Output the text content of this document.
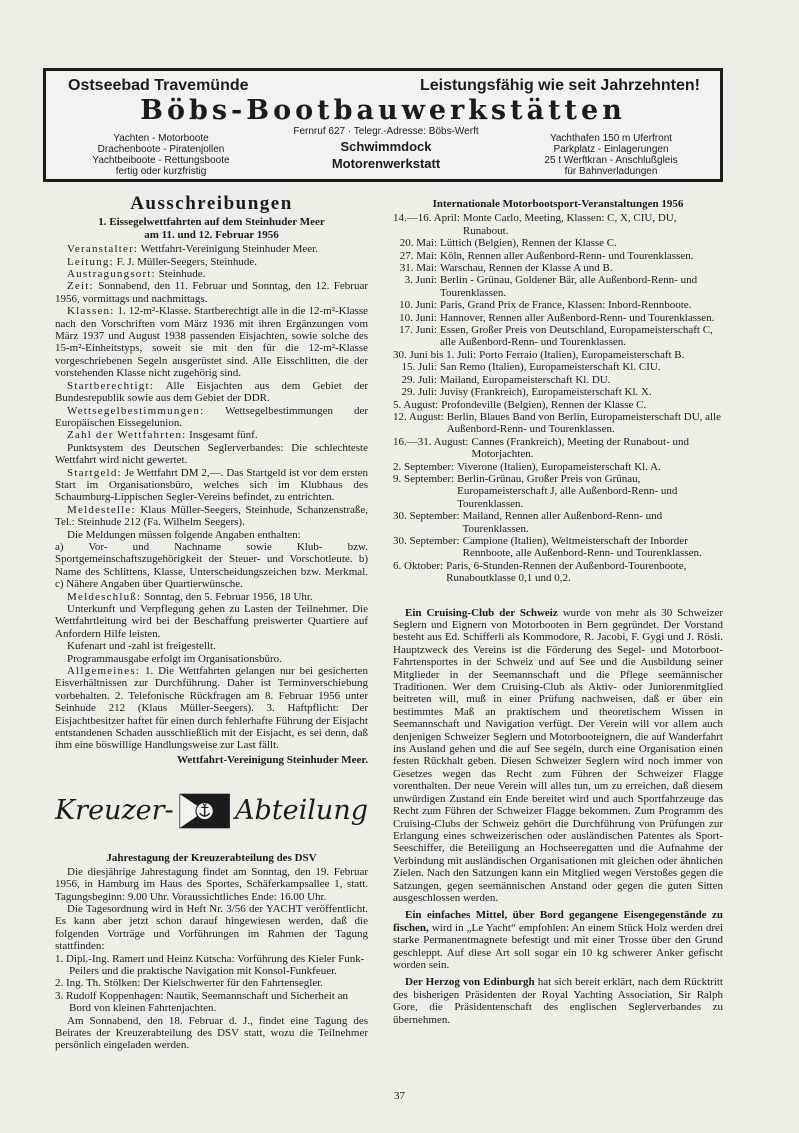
Ostseebad Travemünde	Leistungsfähig wie seit Jahrzehnten!
Böbs-Bootbauwerkstätten
Yachten - Motorboote
Drachenboote - Piratenjollen
Yachtbeiboote - Rettungsboote
fertig oder kurzfristig
Fernruf 627 · Telegr.-Adresse: Böbs-Werft
Schwimmdock
Motorenwerkstatt
Yachthafen 150 m Uferfront
Parkplatz - Einlagerungen
25 t Werftkran - Anschlußgleis
für Bahnverladungen
Ausschreibungen
1. Eissegelwettfahrten auf dem Steinhuder Meer
am 11. und 12. Februar 1956

Veranstalter: Wettfahrt-Vereinigung Steinhuder Meer.

Leitung: F. J. Müller-Seegers, Steinhude.

Austragungsort: Steinhude.

Zeit: Sonnabend, den 11. Februar und Sonntag, den 12. Februar 1956, vormittags und nachmittags.

Klassen: 1. 12-m²-Klasse. Startberechtigt alle in die 12-m²-Klasse nach den Vorschriften vom März 1936 mit ihren Ergänzungen vom März 1937 und August 1938 passenden Eisjachten, sowie solche des 15-m²-Einheitstyps, soweit sie mit den für die 12-m²-Klasse vorgeschriebenen Segeln ausgerüstet sind. Alle Eisschlitten, die der vorstehenden Klasse nicht zugehörig sind.

Startberechtigt: Alle Eisjachten aus dem Gebiet der Bundesrepublik sowie aus dem Gebiet der DDR.

Wettsegelbestimmungen: Wettsegelbestimmungen der Europäischen Eissegelunion.

Zahl der Wettfahrten: Insgesamt fünf.

Punktsystem des Deutschen Seglerverbandes: Die schlechteste Wettfahrt wird nicht gewertet.

Startgeld: Je Wettfahrt DM 2,—. Das Startgeld ist vor dem ersten Start im Organisationsbüro, welches sich im Klubhaus des Schaumburg-Lippischen Segler-Vereins befindet, zu entrichten.

Meldestelle: Klaus Müller-Seegers, Steinhude, Schanzenstraße, Tel.: Steinhude 212 (Fa. Wilhelm Seegers).

Die Meldungen müssen folgende Angaben enthalten:

a) Vor- und Nachname sowie Klub- bzw. Sportgemeinschaftszugehörigkeit der Steuer- und Vorschotleute. b) Name des Schlittens, Klasse, Unterscheidungszeichen bzw. Merkmal. c) Nähere Angaben über Quartierwünsche.

Meldeschluß: Sonntag, den 5. Februar 1956, 18 Uhr.

Unterkunft und Verpflegung gehen zu Lasten der Teilnehmer. Die Wettfahrtleitung wird bei der Beschaffung preiswerter Quartiere auf Anfordern Hilfe leisten.

Kufenart und -zahl ist freigestellt.

Programmausgabe erfolgt im Organisationsbüro.

Allgemeines: 1. Die Wettfahrten gelangen nur bei gesicherten Eisverhältnissen zur Durchführung. Daher ist Terminverschiebung vorbehalten. 2. Telefonische Rückfragen am 8. Februar 1956 unter Seinhude 212 (Klaus Müller-Seegers). 3. Haftpflicht: Der Eisjachtbesitzer haftet für einen durch fehlerhafte Führung der Eisjacht entstandenen Schaden ausschließlich mit der Eisjacht, es sei denn, daß ihm eine böswillige Handlungsweise zur Last fällt.

Wettfahrt-Vereinigung Steinhuder Meer.

Kreuzer- Abteilung
Jahrestagung der Kreuzerabteilung des DSV

Die diesjährige Jahrestagung findet am Sonntag, den 19. Februar 1956, in Hamburg im Haus des Sportes, Schäferkampsallee 1, statt. Tagungsbeginn: 9.00 Uhr. Voraussichtliches Ende: 16.00 Uhr.

Die Tagesordnung wird in Heft Nr. 3/56 der YACHT veröffentlicht. Es kann aber jetzt schon darauf hingewiesen werden, daß die folgenden Vorträge und Vorführungen im Rahmen der Tagung stattfinden:

1. Dipl.-Ing. Ramert und Heinz Kutscha: Vorführung des Kieler Funk-Peilers und die praktische Navigation mit Konsol-Funkfeuer.

2. Ing. Th. Stölken: Der Kielschwerter für den Fahrtensegler.

3. Rudolf Koppenhagen: Nautik, Seemannschaft und Sicherheit an Bord von kleinen Fahrtenjachten.

Am Sonnabend, den 18. Februar d. J., findet eine Tagung des Beirates der Kreuzerabteilung des DSV statt, wozu die Teilnehmer persönlich eingeladen werden.

Internationale Motorbootsport-Veranstaltungen 1956
14.—16. April: Monte Carlo, Meeting, Klassen: C, X, CIU, DU, Runabout.
20. Mai: Lüttich (Belgien), Rennen der Klasse C.
27. Mai: Köln, Rennen aller Außenbord-Renn- und Tourenklassen.
31. Mai: Warschau, Rennen der Klasse A und B.
3. Juni: Berlin - Grünau, Goldener Bär, alle Außenbord-Renn- und Tourenklassen.
10. Juni: Paris, Grand Prix de France, Klassen: Inbord-Rennboote.
10. Juni: Hannover, Rennen aller Außenbord-Renn- und Tourenklassen.
17. Juni: Essen, Großer Preis von Deutschland, Europameisterschaft C, alle Außenbord-Renn- und Tourenklassen.
30. Juni bis 1. Juli: Porto Ferraio (Italien), Europameisterschaft B.
15. Juli: San Remo (Italien), Europameisterschaft Kl. CIU.
29. Juli: Mailand, Europameisterschaft Kl. DU.
29. Juli: Juvisy (Frankreich), Europameisterschaft Kl. X.
5. August: Profondeville (Belgien), Rennen der Klasse C.
12. August: Berlin, Blaues Band von Berlin, Europameisterschaft DU, alle Außenbord-Renn- und Tourenklassen.
16.—31. August: Cannes (Frankreich), Meeting der Runabout- und Motorjachten.
2. September: Viverone (Italien), Europameisterschaft Kl. A.
9. September: Berlin-Grünau, Großer Preis von Grünau, Europameisterschaft J, alle Außenbord-Renn- und Tourenklassen.
30. September: Mailand, Rennen aller Außenbord-Renn- und Tourenklassen.
30. September: Campione (Italien), Weltmeisterschaft der Inborder Rennboote, alle Außenbord-Renn- und Tourenklassen.
6. Oktober: Paris, 6-Stunden-Rennen der Außenbord-Tourenboote, Runaboutklasse 0,1 und 0,2.

Ein Cruising-Club der Schweiz wurde von mehr als 30 Schweizer Seglern und Eignern von Motorbooten in Bern gegründet. Der Vorstand besteht aus Ed. Schifferli als Kommodore, R. Jacobi, F. Gygi und J. Rösli. Hauptzweck des Vereins ist die Förderung des Segel- und Motorboot-Fahrtensportes in der Schweiz und auf See und die Ausbildung seiner Mitglieder in der Seemannschaft und die Pflege seemännischer Traditionen. Wer dem Cruising-Club als Aktiv- oder Juniorenmitglied beitreten will, muß in einer Prüfung nachweisen, daß er über ein bestimmtes Maß an praktischem und theoretischem Wissen in Seemannschaft und Navigation verfügt. Der Verein will vor allem auch denjenigen Schweizer Seglern und Motorbooteignern, die auf Wanderfahrt ins Ausland gehen und die auf See segeln, durch eine Organisation einen festen Rückhalt geben. Diesen Schweizer Seglern wird noch immer von Gesetzes wegen das Recht zum Führen der Schweizer Flagge vorenthalten. Der neue Verein will alles tun, um zu erreichen, daß diesem unwürdigen Zustand ein Ende bereitet wird und auch Sportfahrzeuge das Recht zum Führen der Schweizer Flagge bekommen. Zum Programm des Cruising-Clubs der Schweiz gehört die Durchführung von Prüfungen zur Erlangung eines schweizerischen oder ausländischen Patentes als Sport-Seeschiffer, die Beteiligung an Hochseeregatten und die Aufnahme der Verbindung mit ausländischen Organisationen mit gleichen oder ähnlichen Zielen. Nach den Satzungen kann ein Mitglied wegen Verstoßes gegen die Satzungen, gegen seemännischen Anstand oder gegen die guten Sitten ausgeschlossen werden.

Ein einfaches Mittel, über Bord gegangene Eisengegenstände zu fischen, wird in „Le Yacht“ empfohlen: An einem Stück Holz werden drei starke Permanentmagnete befestigt und mit einer Trosse über den Grund geschleppt. Auf diese Art soll sogar ein 10 kg schwerer Anker gefischt worden sein.

Der Herzog von Edinburgh hat sich bereit erklärt, nach dem Rücktritt des bisherigen Präsidenten der Royal Yachting Association, Sir Ralph Gore, die Präsidentenschaft des englischen Seglerverbandes zu übernehmen.

37
